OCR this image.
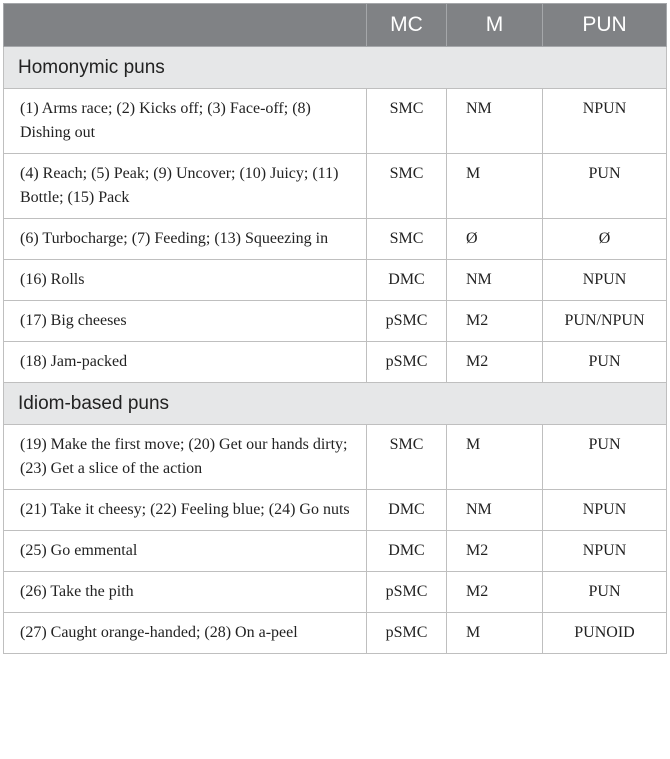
	MC	M	PUN
Homonymic puns			
(1) Arms race; (2) Kicks off; (3) Face-off; (8) Dishing out	SMC	NM	NPUN
(4) Reach; (5) Peak; (9) Uncover; (10) Juicy; (11) Bottle; (15) Pack	SMC	M	PUN
(6) Turbocharge; (7) Feeding; (13) Squeezing in	SMC	Ø	Ø
(16) Rolls	DMC	NM	NPUN
(17) Big cheeses	pSMC	M2	PUN/NPUN
(18) Jam-packed	pSMC	M2	PUN
Idiom-based puns			
(19) Make the first move; (20) Get our hands dirty; (23) Get a slice of the action	SMC	M	PUN
(21) Take it cheesy; (22) Feeling blue; (24) Go nuts	DMC	NM	NPUN
(25) Go emmental	DMC	M2	NPUN
(26) Take the pith	pSMC	M2	PUN
(27) Caught orange-handed; (28) On a-peel	pSMC	M	PUNOID
